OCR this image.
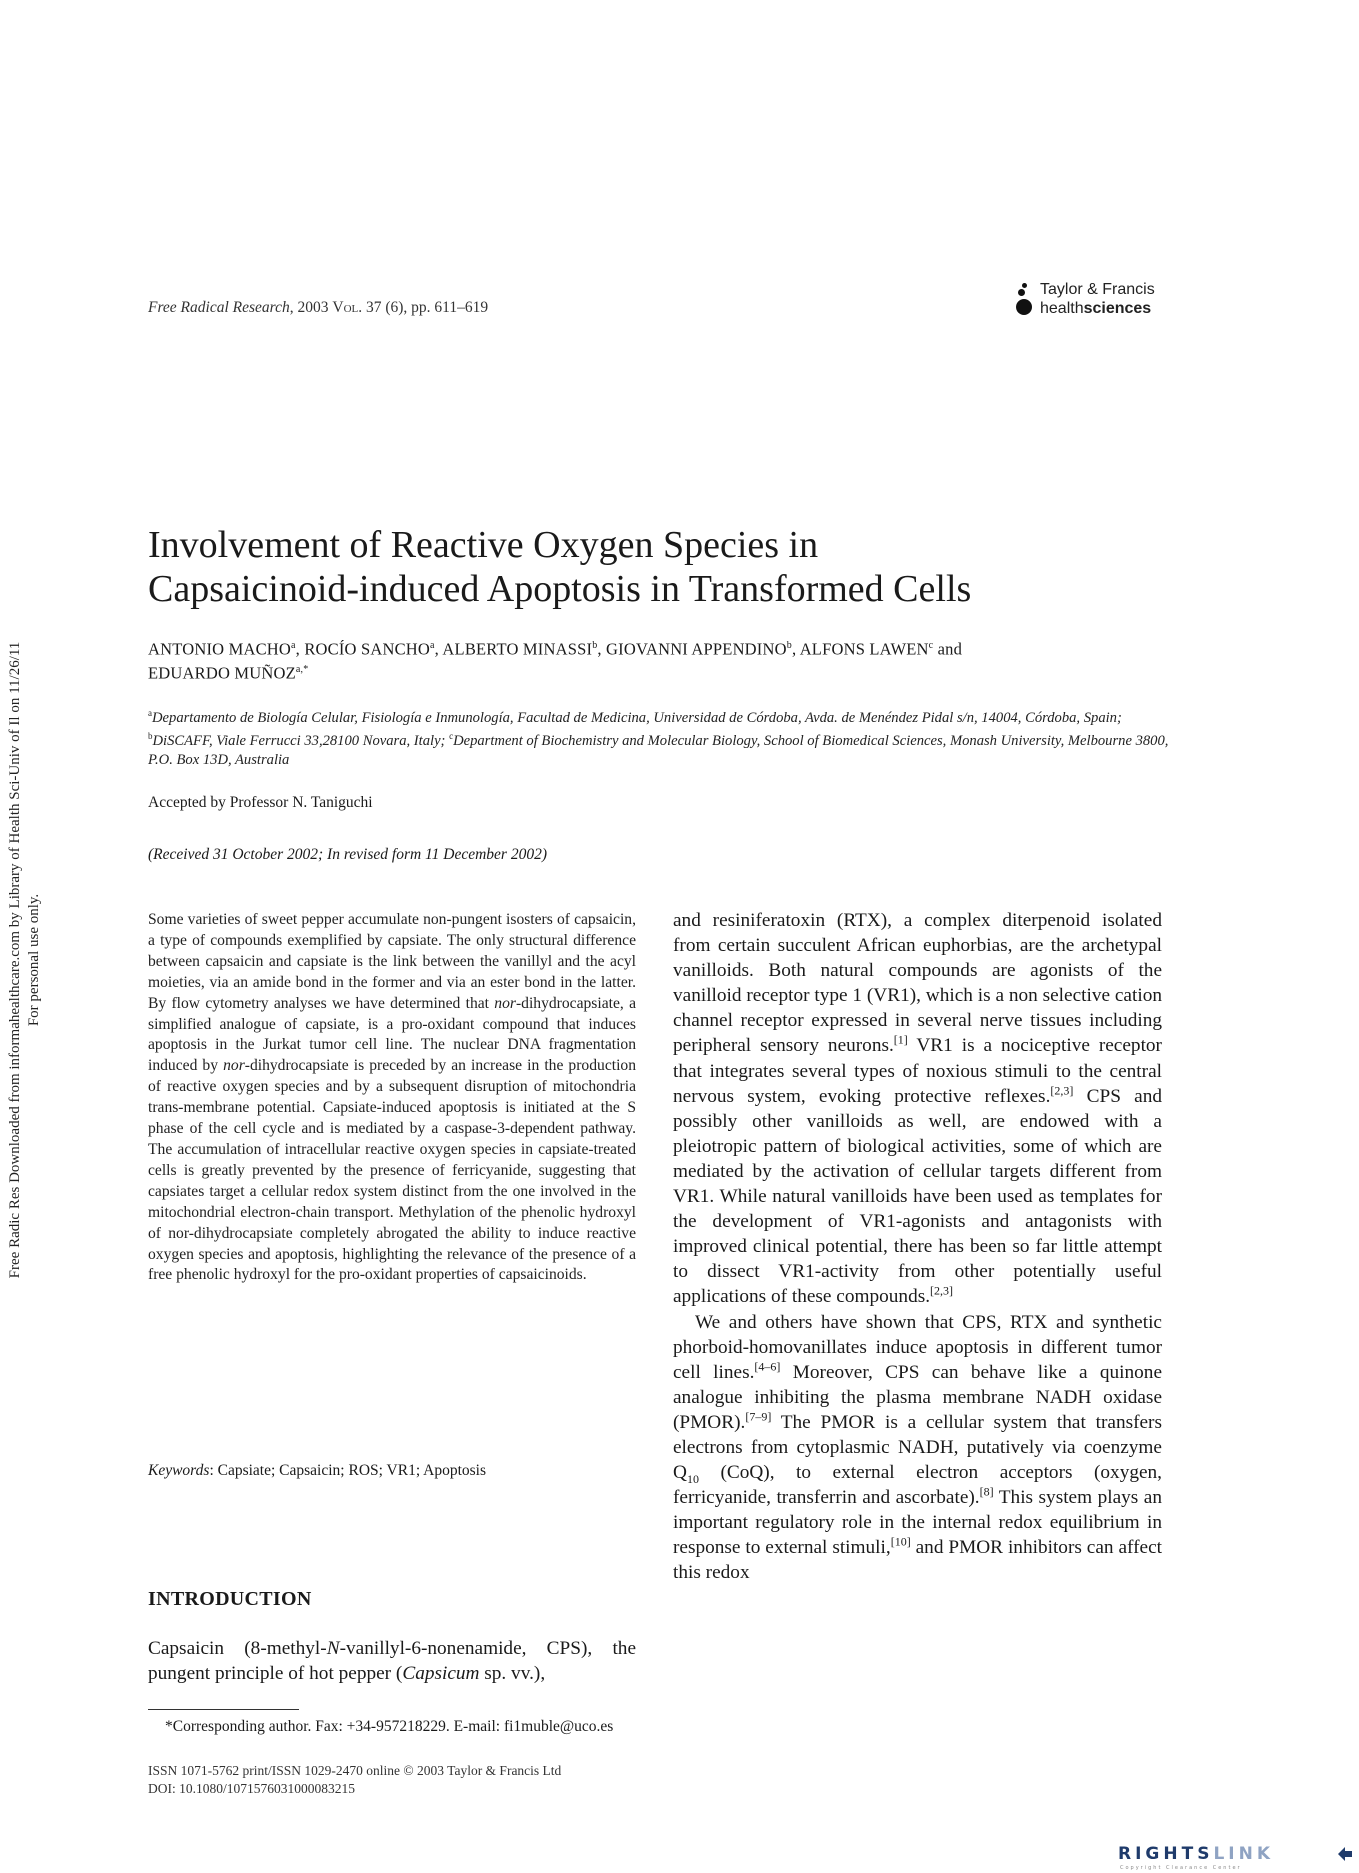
Free Radic Res Downloaded from informahealthcare.com by Library of Health Sci-Univ of Il on 11/26/11 For personal use only.
Free Radical Research, 2003 Vol. 37 (6), pp. 611–619
Taylor & Francis
healthsciences
Involvement of Reactive Oxygen Species in
Capsaicinoid-induced Apoptosis in Transformed Cells
ANTONIO MACHO$^a$, ROCÍO SANCHO$^a$, ALBERTO MINASSI$^b$, GIOVANNI APPENDINO$^b$, ALFONS LAWEN$^c$ and
EDUARDO $MUÑOZ^{a,*}$
$^a$Departamento de Biología Celular, Fisiología e Inmunología, Facultad de Medicina, Universidad de Córdoba, Avda. de Menéndez Pidal s/n, 14004, Córdoba, Spain; $^b$DiSCAFF, Viale Ferrucci 33,28100 Novara, Italy; $^c$Department of Biochemistry and Molecular Biology, School of Biomedical Sciences, Monash University, Melbourne 3800, P.O. Box 13D, Australia
Accepted by Professor N. Taniguchi
(Received 31 October 2002; In revised form 11 December 2002)
Some varieties of sweet pepper accumulate non-pungent isosters of capsaicin, a type of compounds exemplified by capsiate. The only structural difference between capsaicin and capsiate is the link between the vanillyl and the acyl moieties, via an amide bond in the former and via an ester bond in the latter. By flow cytometry analyses we have determined that nor-dihydrocapsiate, a simplified analogue of capsiate, is a pro-oxidant compound that induces apoptosis in the Jurkat tumor cell line. The nuclear DNA fragmentation induced by nor-dihydrocapsiate is preceded by an increase in the production of reactive oxygen species and by a subsequent disruption of mitochondria trans-membrane potential. Capsiate-induced apoptosis is initiated at the S phase of the cell cycle and is mediated by a caspase-3-dependent pathway. The accumulation of intracellular reactive oxygen species in capsiate-treated cells is greatly prevented by the presence of ferricyanide, suggesting that capsiates target a cellular redox system distinct from the one involved in the mitochondrial electron-chain transport. Methylation of the phenolic hydroxyl of nor-dihydrocapsiate completely abrogated the ability to induce reactive oxygen species and apoptosis, highlighting the relevance of the presence of a free phenolic hydroxyl for the pro-oxidant properties of capsaicinoids.
Keywords: Capsiate; Capsaicin; ROS; VR1; Apoptosis
INTRODUCTION
Capsaicin (8-methyl-N-vanillyl-6-nonenamide, CPS), the pungent principle of hot pepper (Capsicum sp. vv.),

and resiniferatoxin (RTX), a complex diterpenoid isolated from certain succulent African euphorbias, are the archetypal vanilloids. Both natural compounds are agonists of the vanilloid receptor type 1 (VR1), which is a non selective cation channel receptor expressed in several nerve tissues including peripheral sensory neurons.[1] VR1 is a nociceptive receptor that integrates several types of noxious stimuli to the central nervous system, evoking protective reflexes.[2,3] CPS and possibly other vanilloids as well, are endowed with a pleiotropic pattern of biological activities, some of which are mediated by the activation of cellular targets different from VR1. While natural vanilloids have been used as templates for the development of VR1-agonists and antagonists with improved clinical potential, there has been so far little attempt to dissect VR1-activity from other potentially useful applications of these compounds.[2,3]

We and others have shown that CPS, RTX and synthetic phorboid-homovanillates induce apoptosis in different tumor cell lines.[4–6] Moreover, CPS can behave like a quinone analogue inhibiting the plasma membrane NADH oxidase (PMOR).[7–9] The PMOR is a cellular system that transfers electrons from cytoplasmic NADH, putatively via coenzyme $Q_{10}$ (CoQ), to external electron acceptors (oxygen, ferricyanide, transferrin and ascorbate).[8] This system plays an important regulatory role in the internal redox equilibrium in response to external stimuli,[10] and PMOR inhibitors can affect this redox

*Corresponding author. Fax: +34-957218229. E-mail: fi1muble@uco.es
ISSN 1071-5762 print/ISSN 1029-2470 online © 2003 Taylor & Francis Ltd
DOI: 10.1080/1071576031000083215
RIGHTSLINK
Copyright Clearance Center
